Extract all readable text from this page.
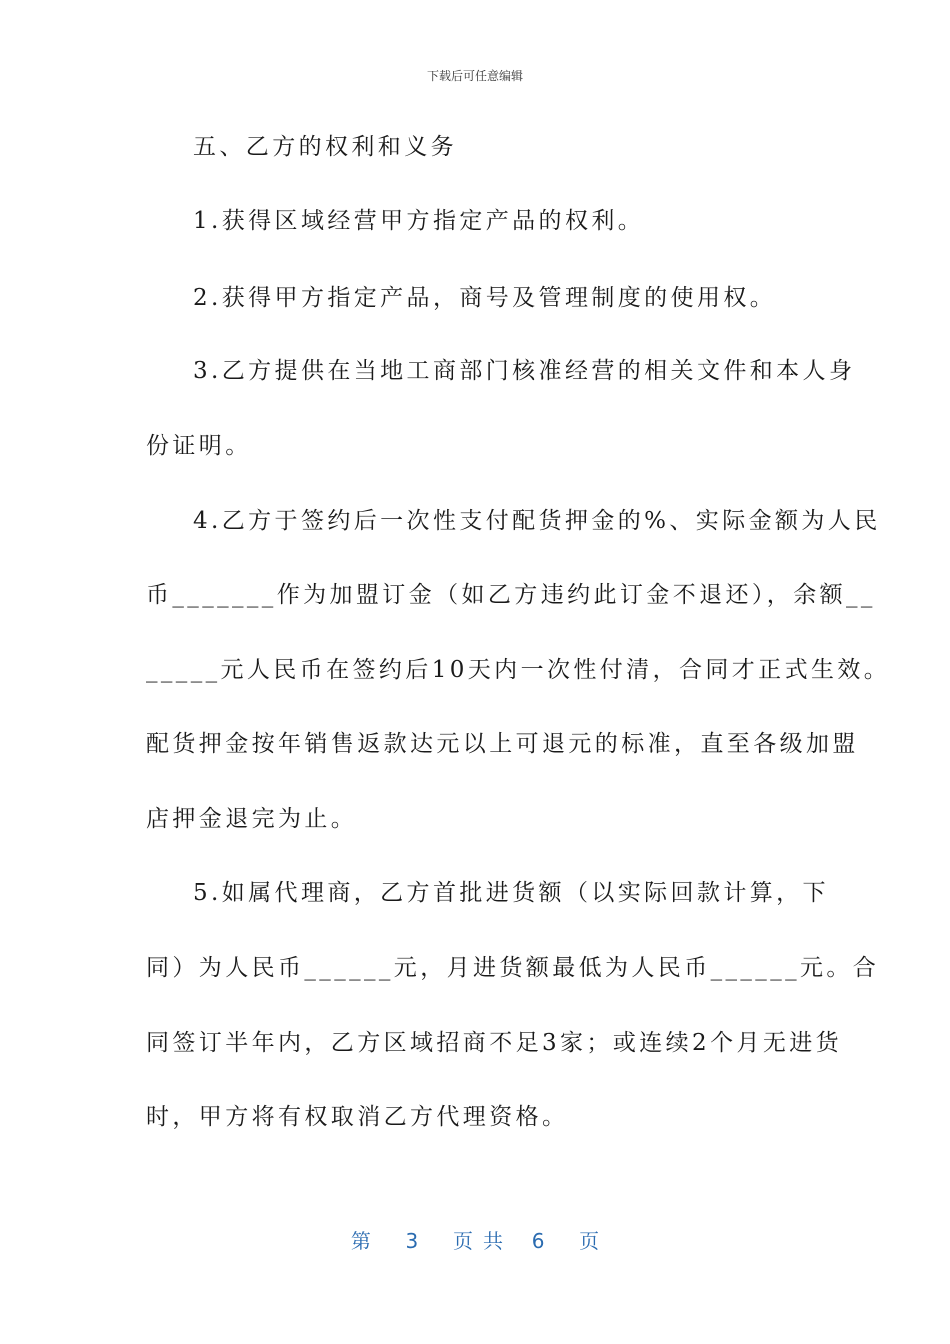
下载后可任意编辑
五、乙方的权利和义务
1.获得区域经营甲方指定产品的权利。
2.获得甲方指定产品，商号及管理制度的使用权。
3.乙方提供在当地工商部门核准经营的相关文件和本人身
份证明。
4.乙方于签约后一次性支付配货押金的%、实际金额为人民
币_______作为加盟订金（如乙方违约此订金不退还），余额__
_____元人民币在签约后10天内一次性付清，合同才正式生效。
配货押金按年销售返款达元以上可退元的标准，直至各级加盟
店押金退完为止。
5.如属代理商，乙方首批进货额（以实际回款计算，下
同）为人民币______元，月进货额最低为人民币______元。合
同签订半年内，乙方区域招商不足3家；或连续2个月无进货
时，甲方将有权取消乙方代理资格。
第 3 页共 6 页
